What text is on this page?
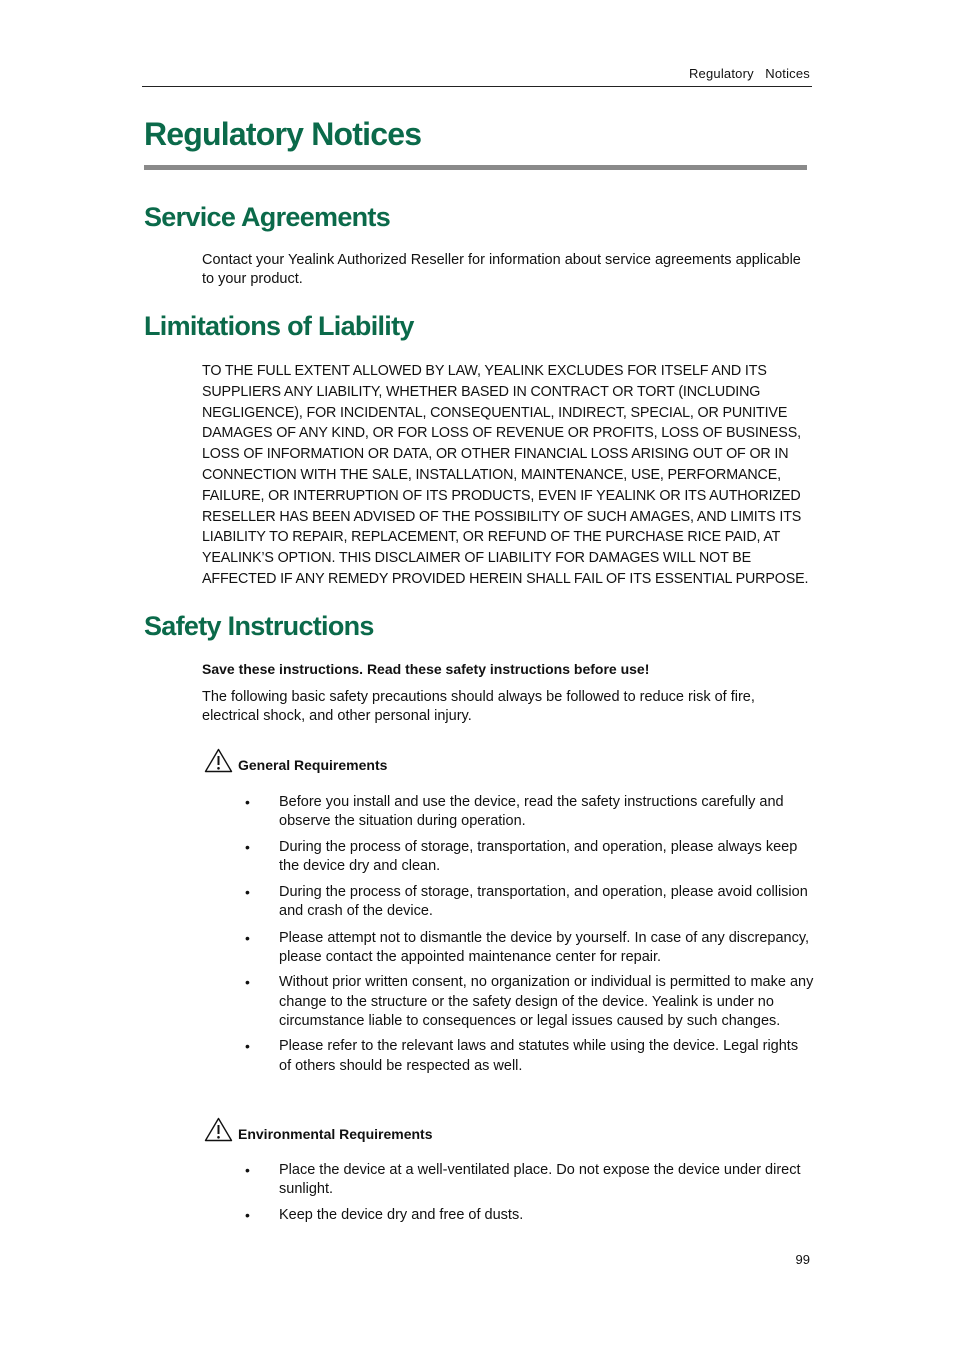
Regulatory   Notices
Regulatory Notices
Service Agreements

Contact your Yealink Authorized Reseller for information about service agreements applicable to your product.

Limitations of Liability

TO THE FULL EXTENT ALLOWED BY LAW, YEALINK EXCLUDES FOR ITSELF AND ITS SUPPLIERS ANY LIABILITY, WHETHER BASED IN CONTRACT OR TORT (INCLUDING NEGLIGENCE), FOR INCIDENTAL, CONSEQUENTIAL, INDIRECT, SPECIAL, OR PUNITIVE DAMAGES OF ANY KIND, OR FOR LOSS OF REVENUE OR PROFITS, LOSS OF BUSINESS, LOSS OF INFORMATION OR DATA, OR OTHER FINANCIAL LOSS ARISING OUT OF OR IN CONNECTION WITH THE SALE, INSTALLATION, MAINTENANCE, USE, PERFORMANCE, FAILURE, OR INTERRUPTION OF ITS PRODUCTS, EVEN IF YEALINK OR ITS AUTHORIZED RESELLER HAS BEEN ADVISED OF THE POSSIBILITY OF SUCH AMAGES, AND LIMITS ITS LIABILITY TO REPAIR, REPLACEMENT, OR REFUND OF THE PURCHASE RICE PAID, AT YEALINK’S OPTION. THIS DISCLAIMER OF LIABILITY FOR DAMAGES WILL NOT BE AFFECTED IF ANY REMEDY PROVIDED HEREIN SHALL FAIL OF ITS ESSENTIAL PURPOSE.

Safety Instructions

Save these instructions. Read these safety instructions before use!

The following basic safety precautions should always be followed to reduce risk of fire, electrical shock, and other personal injury.

General Requirements
• Before you install and use the device, read the safety instructions carefully and observe the situation during operation.
• During the process of storage, transportation, and operation, please always keep the device dry and clean.
• During the process of storage, transportation, and operation, please avoid collision and crash of the device.
• Please attempt not to dismantle the device by yourself. In case of any discrepancy, please contact the appointed maintenance center for repair.
• Without prior written consent, no organization or individual is permitted to make any change to the structure or the safety design of the device. Yealink is under no circumstance liable to consequences or legal issues caused by such changes.
• Please refer to the relevant laws and statutes while using the device. Legal rights of others should be respected as well.
Environmental Requirements
• Place the device at a well-ventilated place. Do not expose the device under direct sunlight.
• Keep the device dry and free of dusts.
99
